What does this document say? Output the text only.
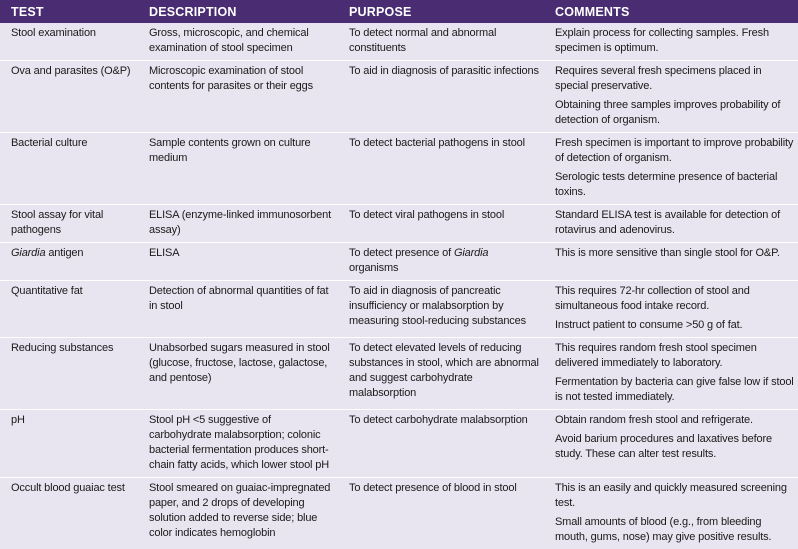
TEST	DESCRIPTION	PURPOSE	COMMENTS
Stool examination	Gross, microscopic, and chemical examination of stool specimen	To detect normal and abnormal constituents	Explain process for collecting samples. Fresh specimen is optimum.

Ova and parasites (O&P)	Microscopic examination of stool contents for parasites or their eggs	To aid in diagnosis of parasitic infections	Requires several fresh specimens placed in special preservative.
Obtaining three samples improves probability of detection of organism.

Bacterial culture	Sample contents grown on culture medium	To detect bacterial pathogens in stool	Fresh specimen is important to improve probability of detection of organism.
Serologic tests determine presence of bacterial toxins.

Stool assay for vital pathogens	ELISA (enzyme-linked immunosorbent assay)	To detect viral pathogens in stool	Standard ELISA test is available for detection of rotavirus and adenovirus.

Giardia antigen	ELISA	To detect presence of Giardia organisms	This is more sensitive than single stool for O&P.

Quantitative fat	Detection of abnormal quantities of fat in stool	To aid in diagnosis of pancreatic insufficiency or malabsorption by measuring stool-reducing substances	This requires 72-hr collection of stool and simultaneous food intake record.
Instruct patient to consume >50 g of fat.

Reducing substances	Unabsorbed sugars measured in stool (glucose, fructose, lactose, galactose, and pentose)	To detect elevated levels of reducing substances in stool, which are abnormal and suggest carbohydrate malabsorption	This requires random fresh stool specimen delivered immediately to laboratory.
Fermentation by bacteria can give false low if stool is not tested immediately.

pH	Stool pH <5 suggestive of carbohydrate malabsorption; colonic bacterial fermentation produces short-chain fatty acids, which lower stool pH	To detect carbohydrate malabsorption	Obtain random fresh stool and refrigerate.
Avoid barium procedures and laxatives before study. These can alter test results.

Occult blood guaiac test	Stool smeared on guaiac-impregnated paper, and 2 drops of developing solution added to reverse side; blue color indicates hemoglobin	To detect presence of blood in stool	This is an easily and quickly measured screening test.
Small amounts of blood (e.g., from bleeding mouth, gums, nose) may give positive results.
